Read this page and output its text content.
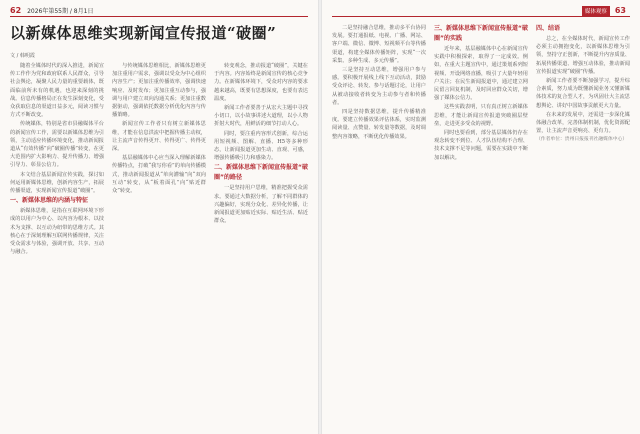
62 2026年第55期 / 8月1日
以新媒体思维实现新闻宣传报道“破圈”
文 / 韩明霞

随着全媒体时代的深入推进，新闻宣传工作作为党和政府联系人民群众，引导社会舆论，凝聚人民力量的重要载体，既面临前所未有的机遇，也迎来深刻的挑战。信息传播格局正在发生深刻变化，受众获取信息的渠道日益多元，阅读习惯与方式不断改变。

传统媒体，特别是省市县融媒体平台的新闻宣传工作，需要以新媒体思维为引领，主动适应传播环境变化，推动新闻报道从“有效传播”向“破圈传播”转变，在更大范围内扩大影响力、提升传播力、增强引导力、彰显公信力。

本文结合基层新闻宣传实践，探讨如何运用新媒体思维，创新内容生产，拓展传播渠道，实现新闻宣传报道“破圈”。

一、新媒体思维的内涵与特征

新媒体思维，是指在互联网环境下形成的以用户为中心、以内容为根本、以技术为支撑、以互动为纽带的思维方式。其核心在于深刻理解互联网传播规律，关注受众需求与体验，强调开放、共享、互动与融合。

与传统媒体思维相比，新媒体思维更加注重用户需求，强调以受众为中心组织内容生产；更加注重传播效率，强调快速响应、及时发布；更加注重互动参与，强调与用户建立双向沟通关系；更加注重数据驱动，强调依托数据分析优化内容与传播策略。

新闻宣传工作者只有树立新媒体思维，才能在信息洪流中把握传播主动权，让主流声音传得更开、传得更广、传得更深。

基层融媒体中心应当深入理解新媒体传播特点，打破“我写你看”的单向传播模式，推动新闻报道从“单向灌输”向“双向互动”转变，从“板着面孔”向“贴近群众”转变。

转变观念，推动报道“破圈”，关键在于内容。内容始终是新闻宣传的核心竞争力。在新媒体环境下，受众对内容的要求越来越高，既要有思想深度，也要有表达温度。

新闻工作者要善于从宏大主题中寻找小切口，以小故事讲述大道理，以小人物折射大时代，用鲜活的细节打动人心。

同时，要注重内容形式创新，综合运用短视频、图解、直播、H5等多种形态，让新闻报道更加生动、直观、可感，增强传播吸引力和感染力。

二、新媒体思维下新闻宣传报道“破圈”的路径

一是坚持用户思维，精准把握受众需求。要通过大数据分析，了解不同群体的兴趣偏好，实现分众化、差异化传播，让新闻报道更加贴近实际、贴近生活、贴近群众。

媒体观察 63

二是坚持融合思维，推动多平台协同发展。要打通报纸、电视、广播、网站、客户端、微信、微博、短视频平台等传播渠道，构建全媒体传播矩阵，实现“一次采集、多种生成、多元传播”。

三是坚持互动思维，增强用户参与感。要积极开展线上线下互动活动，鼓励受众评论、转发、参与话题讨论，让用户从被动接收者转变为主动参与者和传播者。

四是坚持数据思维，提升传播精准度。要建立传播效果评估体系，实时监测阅读量、点赞量、转发量等数据，及时调整内容策略，不断优化传播效果。

三、新媒体思维下新闻宣传报道“破圈”的实践

近年来，基层融媒体中心在新闻宣传实践中积极探索，取得了一定成效。例如，在重大主题宣传中，通过策划系列短视频、开设网络直播，吸引了大量年轻用户关注；在民生新闻报道中，通过建立网民留言回复机制，及时回应群众关切，增强了媒体公信力。

这些实践表明，只有真正树立新媒体思维，才能让新闻宣传报道突破圈层壁垒，走进更多受众的视野。

同时也要看到，部分基层媒体仍存在观念转变不到位、人才队伍结构不合理、技术支撑不足等问题，需要在实践中不断加以解决。

四、结语

总之，在全媒体时代，新闻宣传工作必须主动拥抱变化，以新媒体思维为引领，坚持守正创新，不断提升内容质量、拓展传播渠道、增强互动体验，推动新闻宣传报道实现“破圈”传播。

新闻工作者要不断加强学习，提升综合素质，努力成为既懂新闻业务又懂新媒体技术的复合型人才，为巩固壮大主流思想舆论、讲好中国故事贡献更大力量。

在未来的发展中，还需进一步深化媒体融合改革，完善体制机制，优化资源配置，让主流声音更响亮、更有力。

（作者单位：贵州日报报刊社融媒体中心）
